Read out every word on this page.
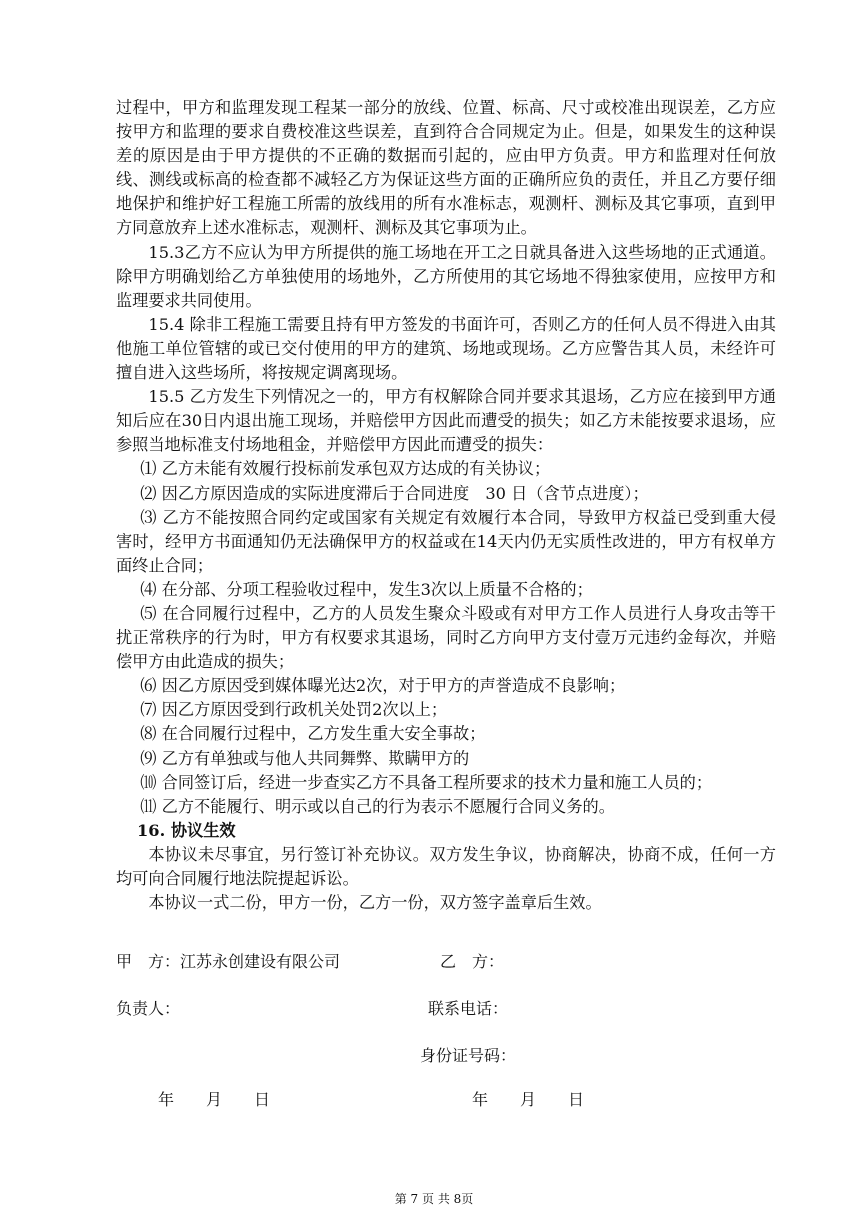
过程中，甲方和监理发现工程某一部分的放线、位置、标高、尺寸或校准出现误差，乙方应按甲方和监理的要求自费校准这些误差，直到符合合同规定为止。但是，如果发生的这种误差的原因是由于甲方提供的不正确的数据而引起的，应由甲方负责。甲方和监理对任何放线、测线或标高的检查都不减轻乙方为保证这些方面的正确所应负的责任，并且乙方要仔细地保护和维护好工程施工所需的放线用的所有水准标志，观测杆、测标及其它事项，直到甲方同意放弃上述水准标志，观测杆、测标及其它事项为止。

15.3乙方不应认为甲方所提供的施工场地在开工之日就具备进入这些场地的正式通道。除甲方明确划给乙方单独使用的场地外，乙方所使用的其它场地不得独家使用，应按甲方和监理要求共同使用。

15.4 除非工程施工需要且持有甲方签发的书面许可，否则乙方的任何人员不得进入由其他施工单位管辖的或已交付使用的甲方的建筑、场地或现场。乙方应警告其人员，未经许可擅自进入这些场所，将按规定调离现场。

15.5 乙方发生下列情况之一的，甲方有权解除合同并要求其退场，乙方应在接到甲方通知后应在30日内退出施工现场，并赔偿甲方因此而遭受的损失；如乙方未能按要求退场，应参照当地标准支付场地租金，并赔偿甲方因此而遭受的损失：

⑴ 乙方未能有效履行投标前发承包双方达成的有关协议；

⑵ 因乙方原因造成的实际进度滞后于合同进度　30 日（含节点进度）；

⑶ 乙方不能按照合同约定或国家有关规定有效履行本合同，导致甲方权益已受到重大侵害时，经甲方书面通知仍无法确保甲方的权益或在14天内仍无实质性改进的，甲方有权单方面终止合同；

⑷ 在分部、分项工程验收过程中，发生3次以上质量不合格的；

⑸ 在合同履行过程中，乙方的人员发生聚众斗殴或有对甲方工作人员进行人身攻击等干扰正常秩序的行为时，甲方有权要求其退场，同时乙方向甲方支付壹万元违约金每次，并赔偿甲方由此造成的损失；

⑹ 因乙方原因受到媒体曝光达2次，对于甲方的声誉造成不良影响；

⑺ 因乙方原因受到行政机关处罚2次以上；

⑻ 在合同履行过程中，乙方发生重大安全事故；

⑼ 乙方有单独或与他人共同舞弊、欺瞒甲方的

⑽ 合同签订后，经进一步查实乙方不具备工程所要求的技术力量和施工人员的；

⑾ 乙方不能履行、明示或以自己的行为表示不愿履行合同义务的。

16. 协议生效

本协议未尽事宜，另行签订补充协议。双方发生争议，协商解决，协商不成，任何一方均可向合同履行地法院提起诉讼。

本协议一式二份，甲方一份，乙方一份，双方签字盖章后生效。

甲　方：江苏永创建设有限公司	乙　方：
负责人：	联系电话：
身份证号码：
年　　月　　日	年　　月　　日
第 7 页 共 8页
